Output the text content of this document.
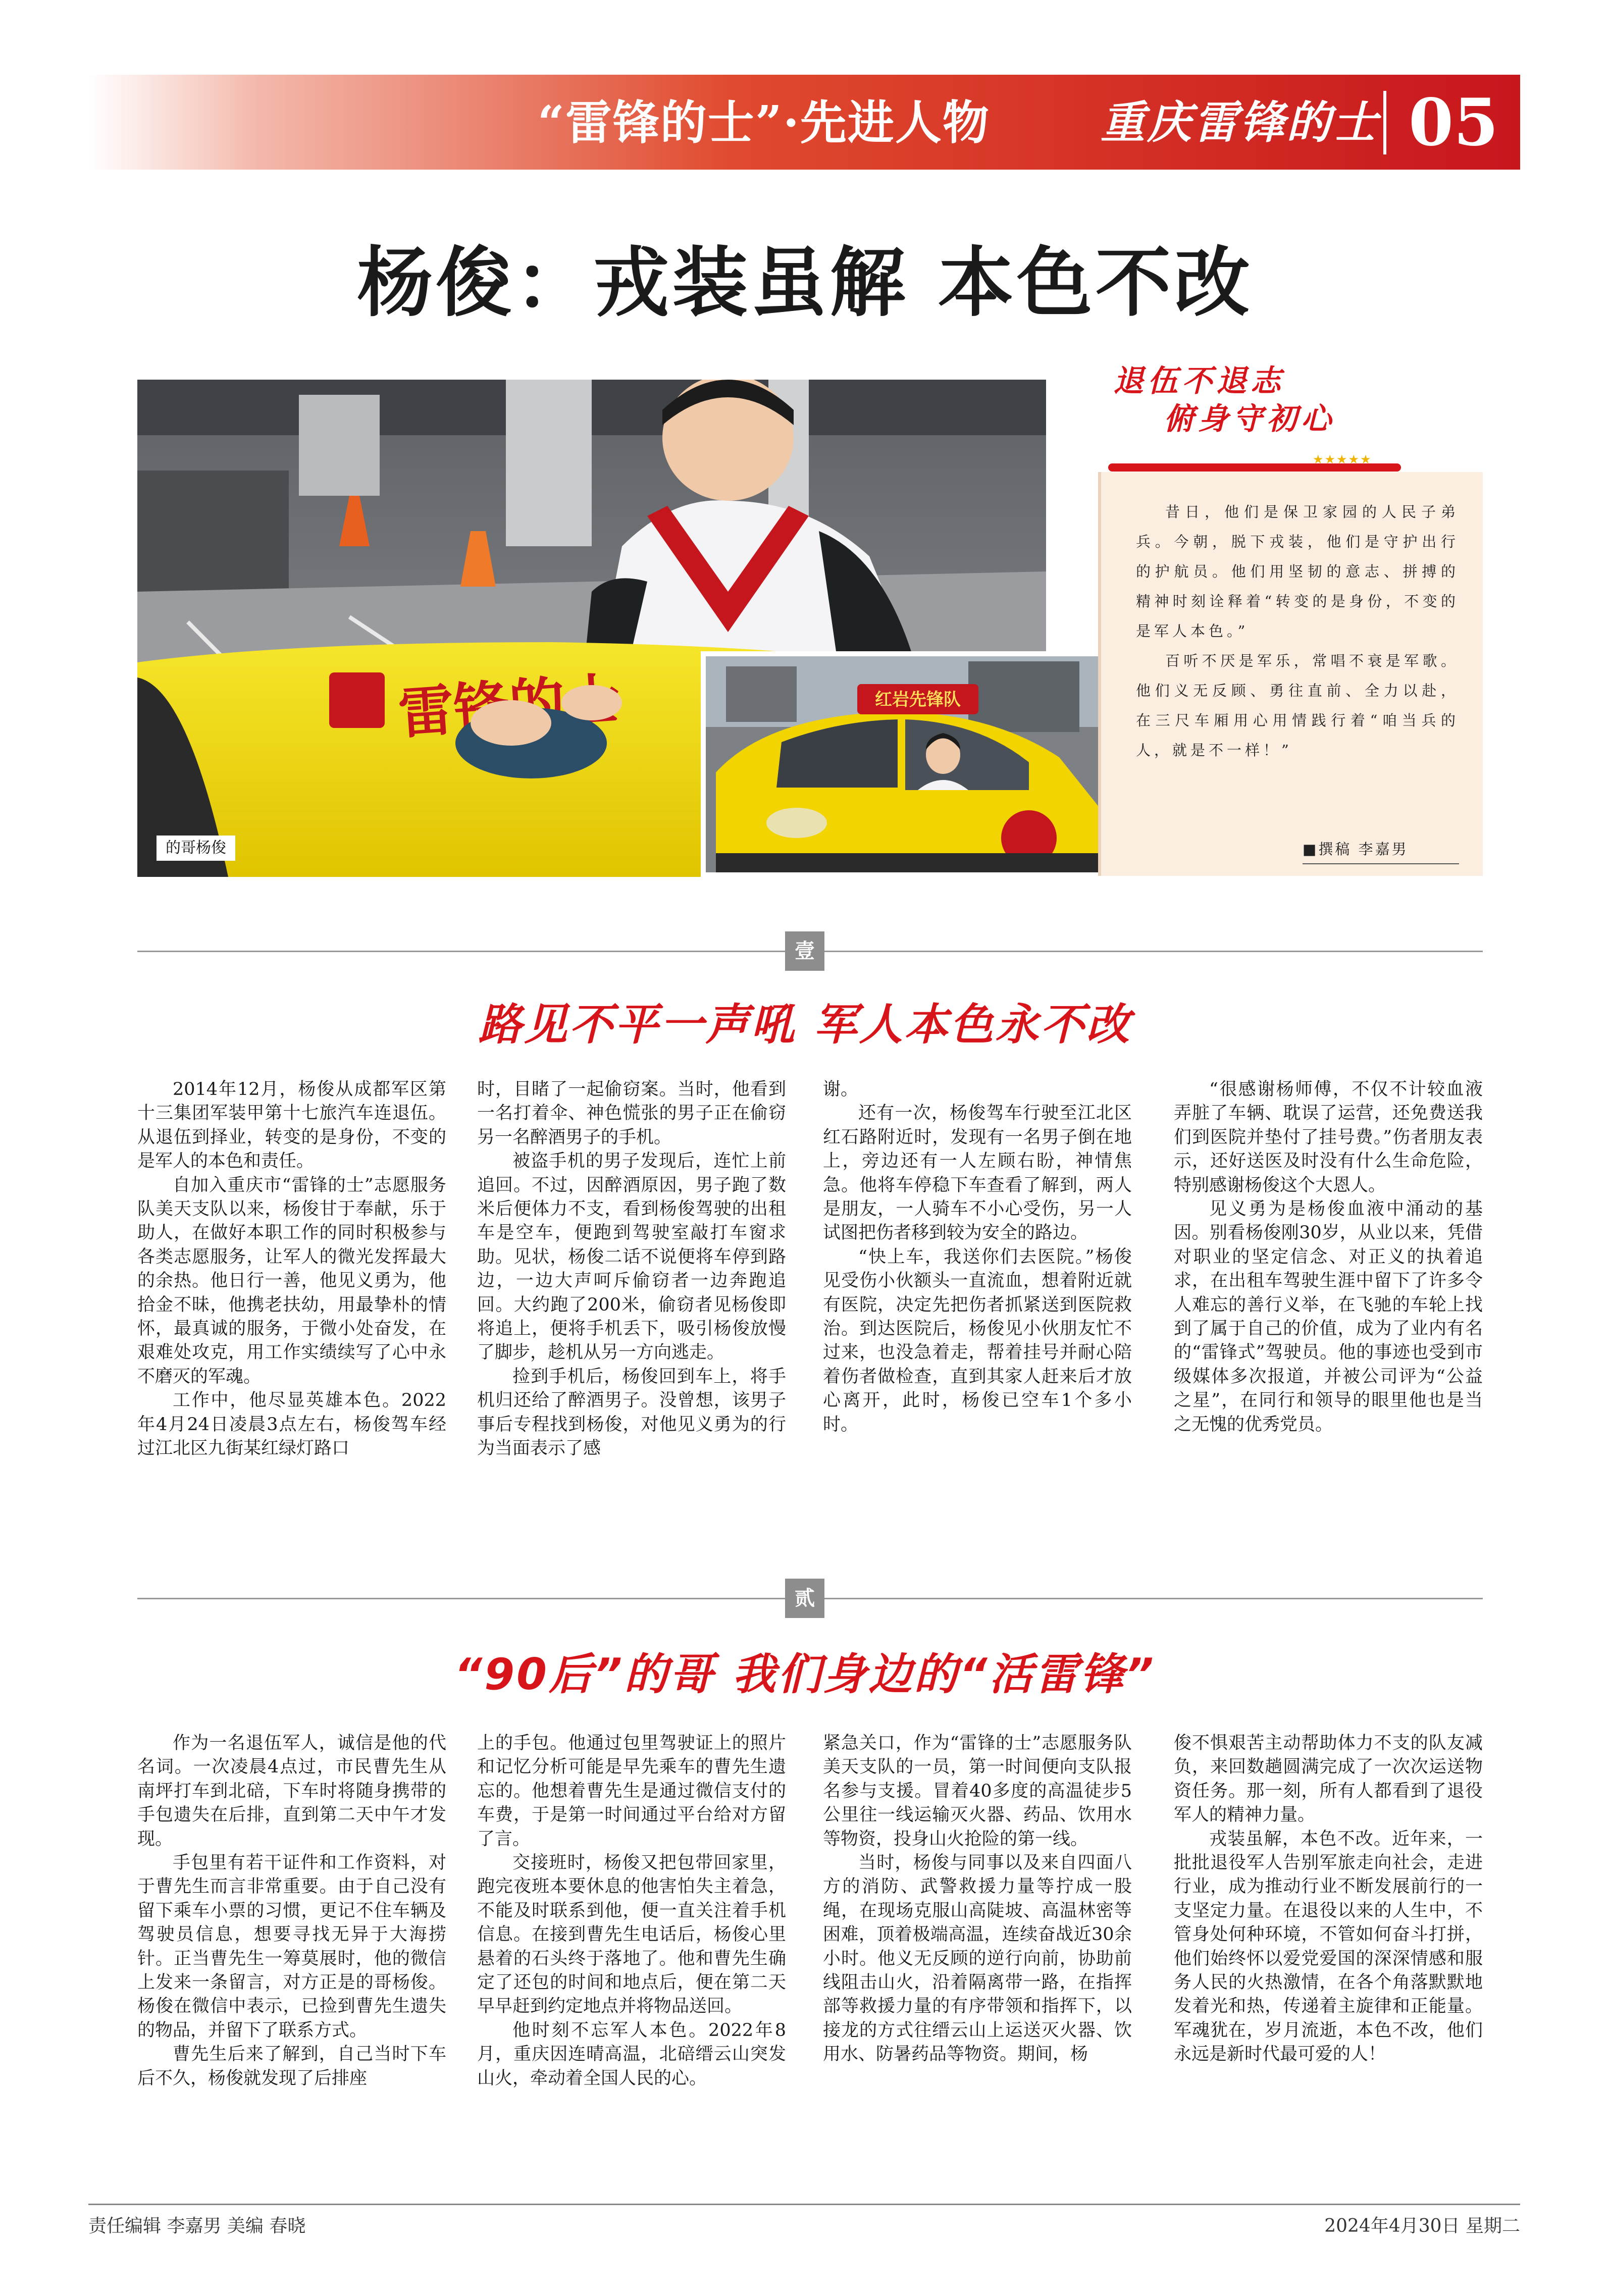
“雷锋的士”·先进人物 重庆雷锋的士 05
杨俊：戎装虽解 本色不改
红岩先锋队
的哥杨俊
退伍不退志
俯身守初心
★★★★★

昔日，他们是保卫家园的人民子弟兵。今朝，脱下戎装，他们是守护出行的护航员。他们用坚韧的意志、拼搏的精神时刻诠释着“转变的是身份，不变的是军人本色。”

百听不厌是军乐，常唱不衰是军歌。他们义无反顾、勇往直前、全力以赴，在三尺车厢用心用情践行着“咱当兵的人，就是不一样！”

■撰稿 李嘉男
壹
路见不平一声吼 军人本色永不改

2014年12月，杨俊从成都军区第十三集团军装甲第十七旅汽车连退伍。从退伍到择业，转变的是身份，不变的是军人的本色和责任。

自加入重庆市“雷锋的士”志愿服务队美天支队以来，杨俊甘于奉献，乐于助人，在做好本职工作的同时积极参与各类志愿服务，让军人的微光发挥最大的余热。他日行一善，他见义勇为，他拾金不昧，他携老扶幼，用最挚朴的情怀，最真诚的服务，于微小处奋发，在艰难处攻克，用工作实绩续写了心中永不磨灭的军魂。

工作中，他尽显英雄本色。2022年4月24日凌晨3点左右，杨俊驾车经过江北区九街某红绿灯路口

时，目睹了一起偷窃案。当时，他看到一名打着伞、神色慌张的男子正在偷窃另一名醉酒男子的手机。

被盗手机的男子发现后，连忙上前追回。不过，因醉酒原因，男子跑了数米后便体力不支，看到杨俊驾驶的出租车是空车，便跑到驾驶室敲打车窗求助。见状，杨俊二话不说便将车停到路边，一边大声呵斥偷窃者一边奔跑追回。大约跑了200米，偷窃者见杨俊即将追上，便将手机丢下，吸引杨俊放慢了脚步，趁机从另一方向逃走。

捡到手机后，杨俊回到车上，将手机归还给了醉酒男子。没曾想，该男子事后专程找到杨俊，对他见义勇为的行为当面表示了感

谢。

还有一次，杨俊驾车行驶至江北区红石路附近时，发现有一名男子倒在地上，旁边还有一人左顾右盼，神情焦急。他将车停稳下车查看了解到，两人是朋友，一人骑车不小心受伤，另一人试图把伤者移到较为安全的路边。

“快上车，我送你们去医院。”杨俊见受伤小伙额头一直流血，想着附近就有医院，决定先把伤者抓紧送到医院救治。到达医院后，杨俊见小伙朋友忙不过来，也没急着走，帮着挂号并耐心陪着伤者做检查，直到其家人赶来后才放心离开，此时，杨俊已空车1个多小时。

“很感谢杨师傅，不仅不计较血液弄脏了车辆、耽误了运营，还免费送我们到医院并垫付了挂号费。”伤者朋友表示，还好送医及时没有什么生命危险，特别感谢杨俊这个大恩人。

见义勇为是杨俊血液中涌动的基因。别看杨俊刚30岁，从业以来，凭借对职业的坚定信念、对正义的执着追求，在出租车驾驶生涯中留下了许多令人难忘的善行义举，在飞驰的车轮上找到了属于自己的价值，成为了业内有名的“雷锋式”驾驶员。他的事迹也受到市级媒体多次报道，并被公司评为“公益之星”，在同行和领导的眼里他也是当之无愧的优秀党员。

贰
“90后”的哥 我们身边的“活雷锋”

作为一名退伍军人，诚信是他的代名词。一次凌晨4点过，市民曹先生从南坪打车到北碚，下车时将随身携带的手包遗失在后排，直到第二天中午才发现。

手包里有若干证件和工作资料，对于曹先生而言非常重要。由于自己没有留下乘车小票的习惯，更记不住车辆及驾驶员信息，想要寻找无异于大海捞针。正当曹先生一筹莫展时，他的微信上发来一条留言，对方正是的哥杨俊。杨俊在微信中表示，已捡到曹先生遗失的物品，并留下了联系方式。

曹先生后来了解到，自己当时下车后不久，杨俊就发现了后排座

上的手包。他通过包里驾驶证上的照片和记忆分析可能是早先乘车的曹先生遗忘的。他想着曹先生是通过微信支付的车费，于是第一时间通过平台给对方留了言。

交接班时，杨俊又把包带回家里，跑完夜班本要休息的他害怕失主着急，不能及时联系到他，便一直关注着手机信息。在接到曹先生电话后，杨俊心里悬着的石头终于落地了。他和曹先生确定了还包的时间和地点后，便在第二天早早赶到约定地点并将物品送回。

他时刻不忘军人本色。2022年8月，重庆因连晴高温，北碚缙云山突发山火，牵动着全国人民的心。

紧急关口，作为“雷锋的士”志愿服务队美天支队的一员，第一时间便向支队报名参与支援。冒着40多度的高温徒步5公里往一线运输灭火器、药品、饮用水等物资，投身山火抢险的第一线。

当时，杨俊与同事以及来自四面八方的消防、武警救援力量等拧成一股绳，在现场克服山高陡坡、高温林密等困难，顶着极端高温，连续奋战近30余小时。他义无反顾的逆行向前，协助前线阻击山火，沿着隔离带一路，在指挥部等救援力量的有序带领和指挥下，以接龙的方式往缙云山上运送灭火器、饮用水、防暑药品等物资。期间，杨

俊不惧艰苦主动帮助体力不支的队友减负，来回数趟圆满完成了一次次运送物资任务。那一刻，所有人都看到了退役军人的精神力量。

戎装虽解，本色不改。近年来，一批批退役军人告别军旅走向社会，走进行业，成为推动行业不断发展前行的一支坚定力量。在退役以来的人生中，不管身处何种环境，不管如何奋斗打拼，他们始终怀以爱党爱国的深深情感和服务人民的火热激情，在各个角落默默地发着光和热，传递着主旋律和正能量。军魂犹在，岁月流逝，本色不改，他们永远是新时代最可爱的人！

责任编辑 李嘉男 美编 春晓	2024年4月30日 星期二
